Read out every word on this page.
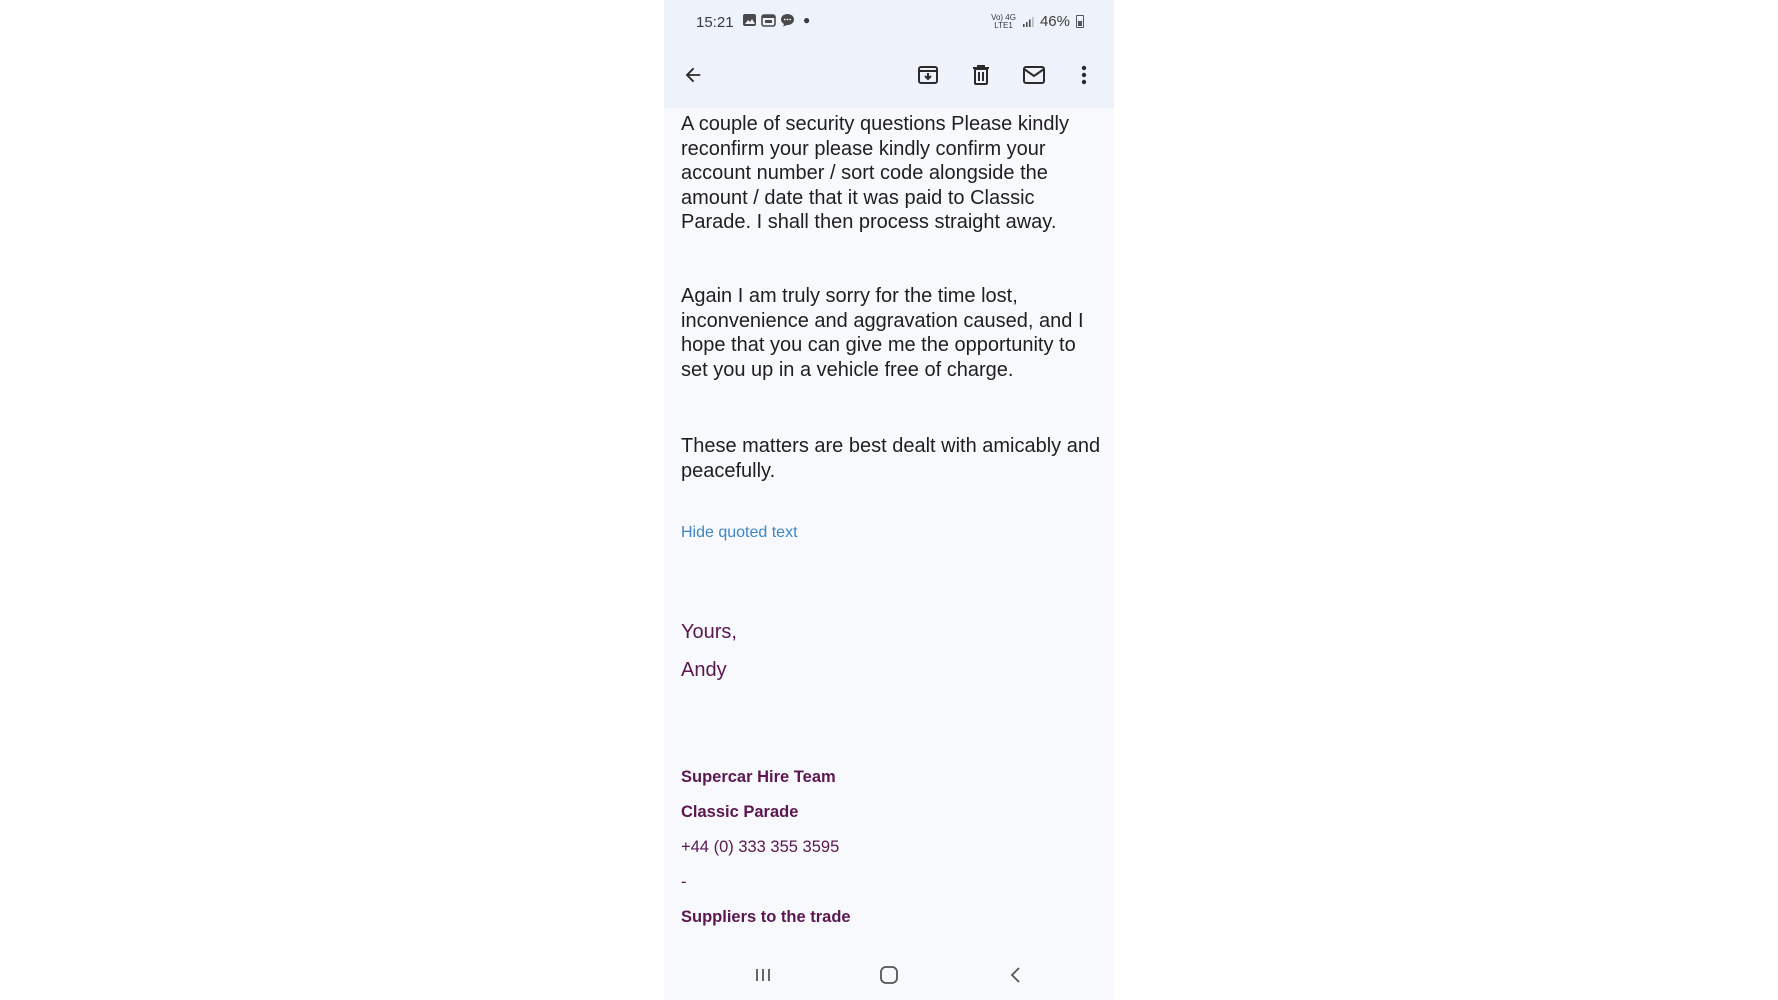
15:21	●	Vo) 4G
LTE1 46%

A couple of security questions Please kindly reconfirm your please kindly confirm your account number / sort code alongside the amount / date that it was paid to Classic Parade. I shall then process straight away.

Again I am truly sorry for the time lost, inconvenience and aggravation caused, and I hope that you can give me the opportunity to set you up in a vehicle free of charge.

These matters are best dealt with amicably and peacefully.

Hide quoted text
Yours,
Andy
Supercar Hire Team
Classic Parade
+44 (0) 333 355 3595
-
Suppliers to the trade
